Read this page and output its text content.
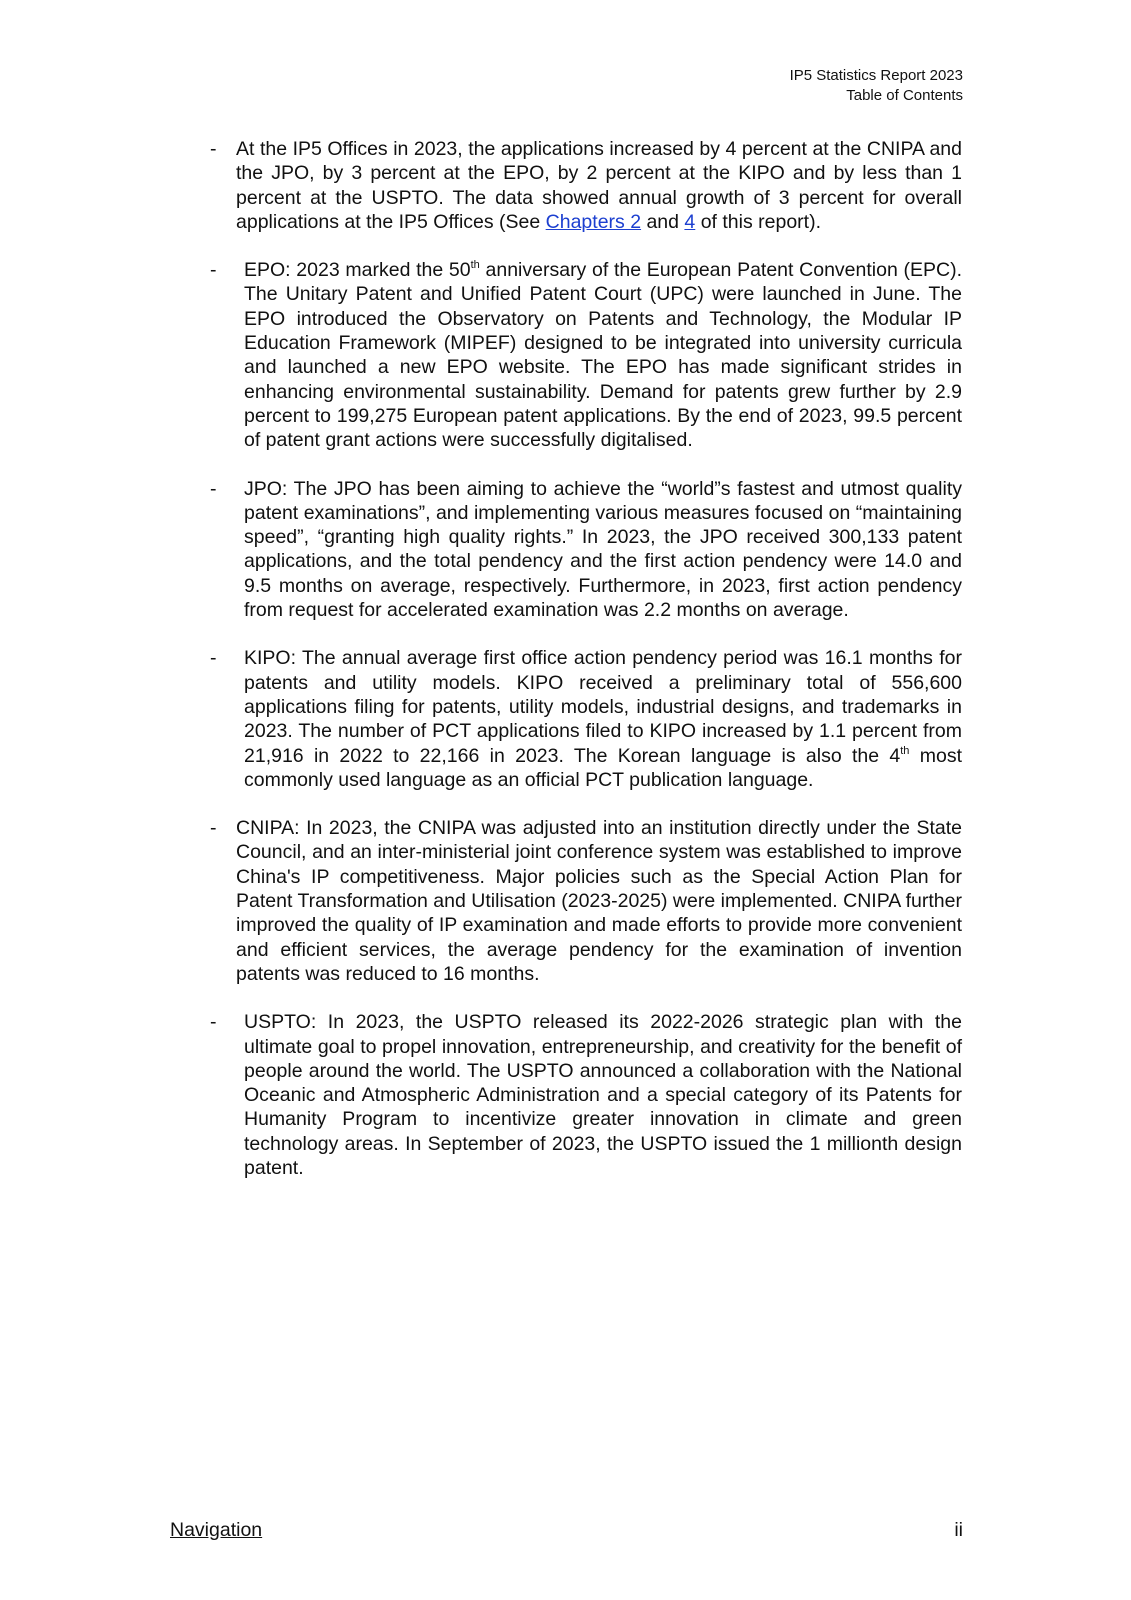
IP5 Statistics Report 2023
Table of Contents
- At the IP5 Offices in 2023, the applications increased by 4 percent at the CNIPA and the JPO, by 3 percent at the EPO, by 2 percent at the KIPO and by less than 1 percent at the USPTO. The data showed annual growth of 3 percent for overall applications at the IP5 Offices (See Chapters 2 and 4 of this report).
- EPO: 2023 marked the 50th anniversary of the European Patent Convention (EPC). The Unitary Patent and Unified Patent Court (UPC) were launched in June. The EPO introduced the Observatory on Patents and Technology, the Modular IP Education Framework (MIPEF) designed to be integrated into university curricula and launched a new EPO website. The EPO has made significant strides in enhancing environmental sustainability. Demand for patents grew further by 2.9 percent to 199,275 European patent applications. By the end of 2023, 99.5 percent of patent grant actions were successfully digitalised.
- JPO: The JPO has been aiming to achieve the “world”s fastest and utmost quality patent examinations”, and implementing various measures focused on “maintaining speed”, “granting high quality rights.” In 2023, the JPO received 300,133 patent applications, and the total pendency and the first action pendency were 14.0 and 9.5 months on average, respectively. Furthermore, in 2023, first action pendency from request for accelerated examination was 2.2 months on average.
- KIPO: The annual average first office action pendency period was 16.1 months for patents and utility models. KIPO received a preliminary total of 556,600 applications filing for patents, utility models, industrial designs, and trademarks in 2023. The number of PCT applications filed to KIPO increased by 1.1 percent from 21,916 in 2022 to 22,166 in 2023. The Korean language is also the 4th most commonly used language as an official PCT publication language.
- CNIPA: In 2023, the CNIPA was adjusted into an institution directly under the State Council, and an inter-ministerial joint conference system was established to improve China's IP competitiveness. Major policies such as the Special Action Plan for Patent Transformation and Utilisation (2023-2025) were implemented. CNIPA further improved the quality of IP examination and made efforts to provide more convenient and efficient services, the average pendency for the examination of invention patents was reduced to 16 months.
- USPTO: In 2023, the USPTO released its 2022-2026 strategic plan with the ultimate goal to propel innovation, entrepreneurship, and creativity for the benefit of people around the world. The USPTO announced a collaboration with the National Oceanic and Atmospheric Administration and a special category of its Patents for Humanity Program to incentivize greater innovation in climate and green technology areas. In September of 2023, the USPTO issued the 1 millionth design patent.
Navigation	ii
